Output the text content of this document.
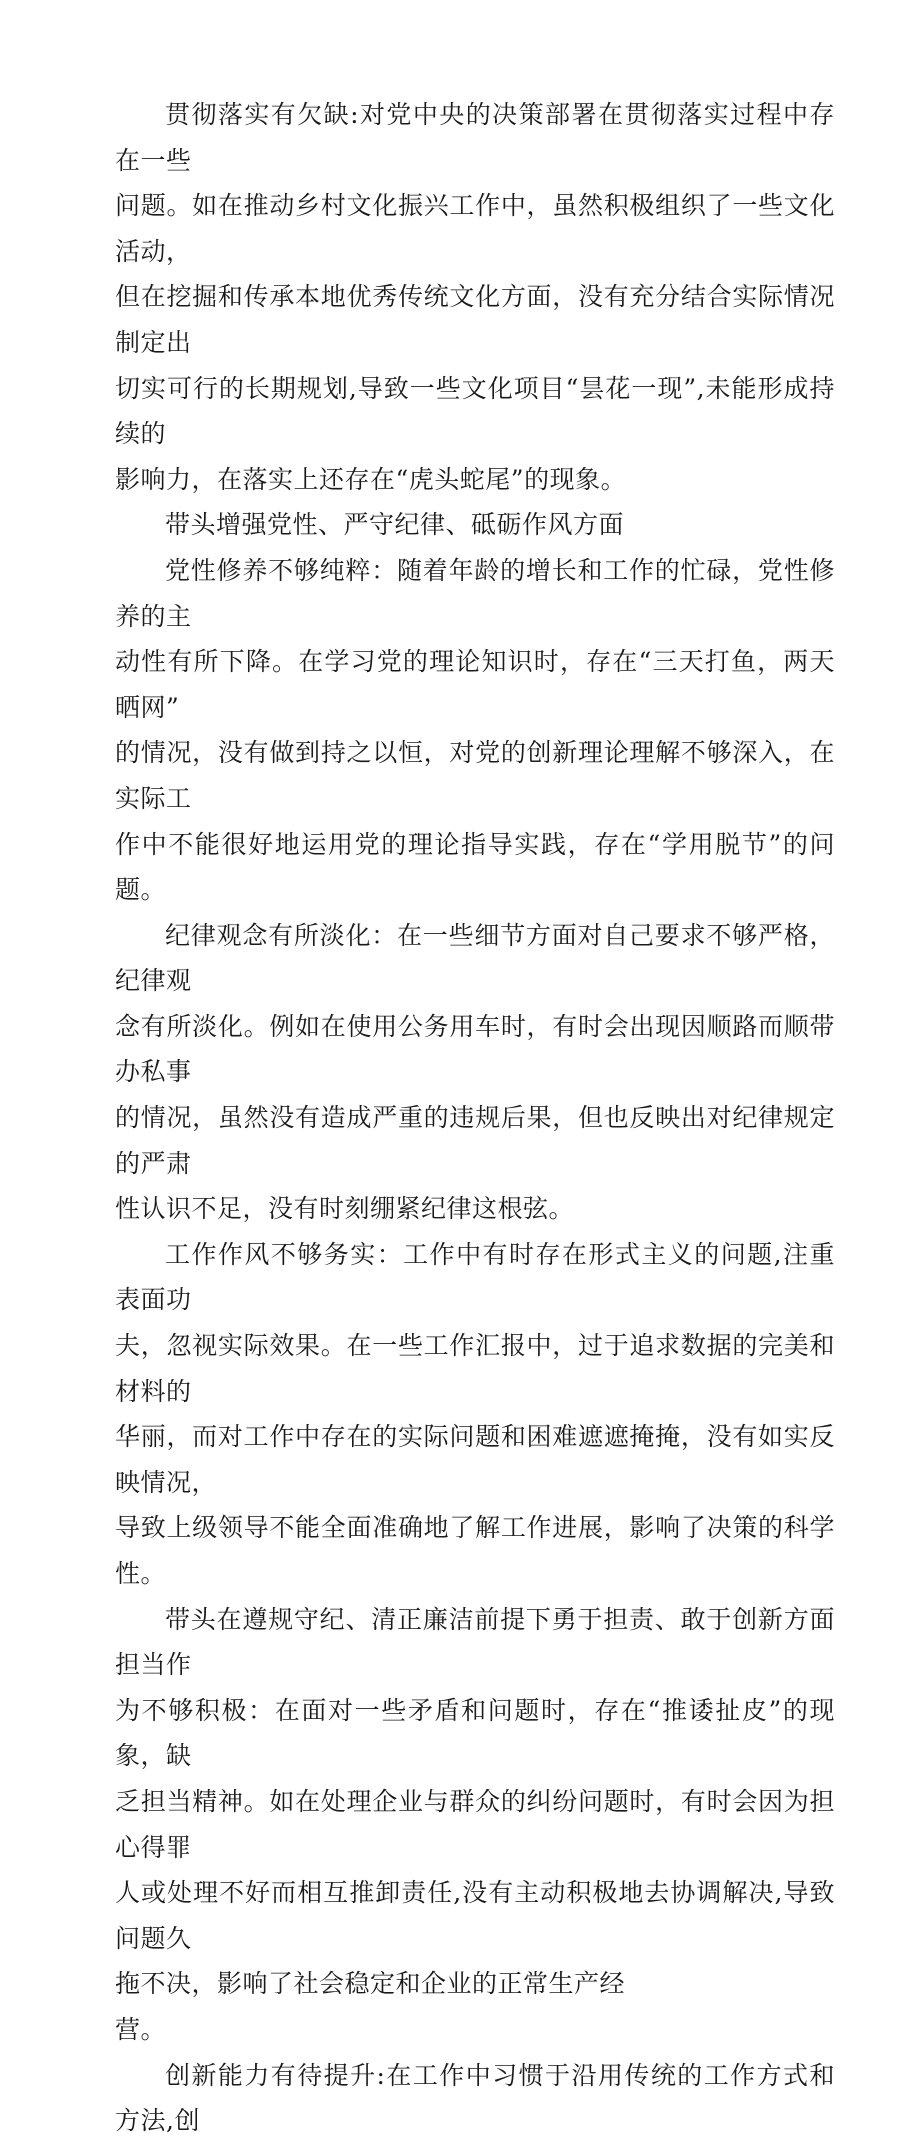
贯彻落实有欠缺:对党中央的决策部署在贯彻落实过程中存在一些
问题。如在推动乡村文化振兴工作中，虽然积极组织了一些文化活动，
但在挖掘和传承本地优秀传统文化方面，没有充分结合实际情况制定出
切实可行的长期规划,导致一些文化项目“昙花一现”,未能形成持续的
影响力，在落实上还存在“虎头蛇尾”的现象。

带头增强党性、严守纪律、砥砺作风方面

党性修养不够纯粹：随着年龄的增长和工作的忙碌，党性修养的主
动性有所下降。在学习党的理论知识时，存在“三天打鱼，两天晒网”
的情况，没有做到持之以恒，对党的创新理论理解不够深入，在实际工
作中不能很好地运用党的理论指导实践，存在“学用脱节”的问题。

纪律观念有所淡化：在一些细节方面对自己要求不够严格，纪律观
念有所淡化。例如在使用公务用车时，有时会出现因顺路而顺带办私事
的情况，虽然没有造成严重的违规后果，但也反映出对纪律规定的严肃
性认识不足，没有时刻绷紧纪律这根弦。

工作作风不够务实：工作中有时存在形式主义的问题,注重表面功
夫，忽视实际效果。在一些工作汇报中，过于追求数据的完美和材料的
华丽，而对工作中存在的实际问题和困难遮遮掩掩，没有如实反映情况，
导致上级领导不能全面准确地了解工作进展，影响了决策的科学性。

带头在遵规守纪、清正廉洁前提下勇于担责、敢于创新方面担当作
为不够积极：在面对一些矛盾和问题时，存在“推诿扯皮”的现象，缺
乏担当精神。如在处理企业与群众的纠纷问题时，有时会因为担心得罪
人或处理不好而相互推卸责任,没有主动积极地去协调解决,导致问题久
拖不决，影响了社会稳定和企业的正常生产经
营。

创新能力有待提升:在工作中习惯于沿用传统的工作方式和方法,创
